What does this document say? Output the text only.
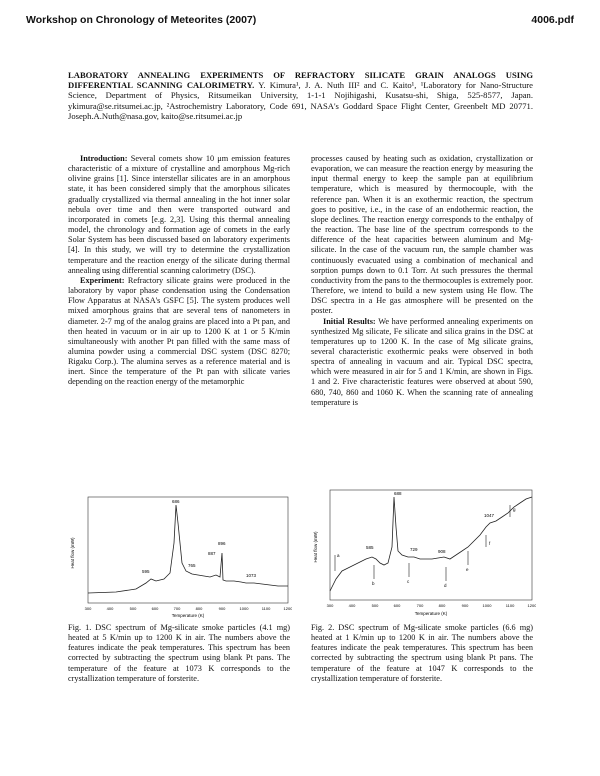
Workshop on Chronology of Meteorites (2007)	4006.pdf
LABORATORY ANNEALING EXPERIMENTS OF REFRACTORY SILICATE GRAIN ANALOGS USING DIFFERENTIAL SCANNING CALORIMETRY. Y. Kimura¹, J. A. Nuth III² and C. Kaito¹, ¹Laboratory for Nano-Structure Science, Department of Physics, Ritsumeikan University, 1-1-1 Nojihigashi, Kusatsu-shi, Shiga, 525-8577, Japan. ykimura@se.ritsumei.ac.jp, ²Astrochemistry Laboratory, Code 691, NASA's Goddard Space Flight Center, Greenbelt MD 20771. Joseph.A.Nuth@nasa.gov, kaito@se.ritsumei.ac.jp

Introduction: Several comets show 10 μm emission features characteristic of a mixture of crystalline and amorphous Mg-rich olivine grains [1]. Since interstellar silicates are in an amorphous state, it has been considered simply that the amorphous silicates gradually crystallized via thermal annealing in the hot inner solar nebula over time and then were transported outward and incorporated in comets [e.g. 2,3]. Using this thermal annealing model, the chronology and formation age of comets in the early Solar System has been discussed based on laboratory experiments [4]. In this study, we will try to determine the crystallization temperature and the reaction energy of the silicate during thermal annealing using differential scanning calorimetry (DSC).

Experiment: Refractory silicate grains were produced in the laboratory by vapor phase condensation using the Condensation Flow Apparatus at NASA's GSFC [5]. The system produces well mixed amorphous grains that are several tens of nanometers in diameter. 2-7 mg of the analog grains are placed into a Pt pan, and then heated in vacuum or in air up to 1200 K at 1 or 5 K/min simultaneously with another Pt pan filled with the same mass of alumina powder using a commercial DSC system (DSC 8270; Rigaku Corp.). The alumina serves as a reference material and is inert. Since the temperature of the Pt pan with silicate varies depending on the reaction energy of the metamorphic

processes caused by heating such as oxidation, crystallization or evaporation, we can measure the reaction energy by measuring the input thermal energy to keep the sample pan at equilibrium temperature, which is measured by thermocouple, with the reference pan. When it is an exothermic reaction, the spectrum goes to positive, i.e., in the case of an endothermic reaction, the slope declines. The reaction energy corresponds to the enthalpy of the reaction. The base line of the spectrum corresponds to the difference of the heat capacities between aluminum and Mg-silicate. In the case of the vacuum run, the sample chamber was continuously evacuated using a combination of mechanical and sorption pumps down to 0.1 Torr. At such pressures the thermal conductivity from the pans to the thermocouples is extremely poor. Therefore, we intend to build a new system using He flow. The DSC spectra in a He gas atmosphere will be presented on the poster.

Initial Results: We have performed annealing experiments on synthesized Mg silicate, Fe silicate and silica grains in the DSC at temperatures up to 1200 K. In the case of Mg silicate grains, several characteristic exothermic peaks were observed in both spectra of annealing in vacuum and air. Typical DSC spectra, which were measured in air for 5 and 1 K/min, are shown in Figs. 1 and 2. Five characteristic features were observed at about 590, 680, 740, 860 and 1060 K. When the scanning rate of annealing temperature is

Heat flow (mW)
300	400	500	600	700	800	900	1000	1100	1200
Temperature (K)
595
686
765
887
896
1073
Heat flow (mW)
300	400	500	600	700	800	900	1000	1100	1200
Temperature (K)
585
688
729	908
1047
a
b	c
d
e
f
g
Fig. 1. DSC spectrum of Mg-silicate smoke particles (4.1 mg) heated at 5 K/min up to 1200 K in air. The numbers above the features indicate the peak temperatures. This spectrum has been corrected by subtracting the spectrum using blank Pt pans. The temperature of the feature at 1073 K corresponds to the crystallization temperature of forsterite.
Fig. 2. DSC spectrum of Mg-silicate smoke particles (6.6 mg) heated at 1 K/min up to 1200 K in air. The numbers above the features indicate the peak temperatures. This spectrum has been corrected by subtracting the spectrum using blank Pt pans. The temperature of the feature at 1047 K corresponds to the crystallization temperature of forsterite.
